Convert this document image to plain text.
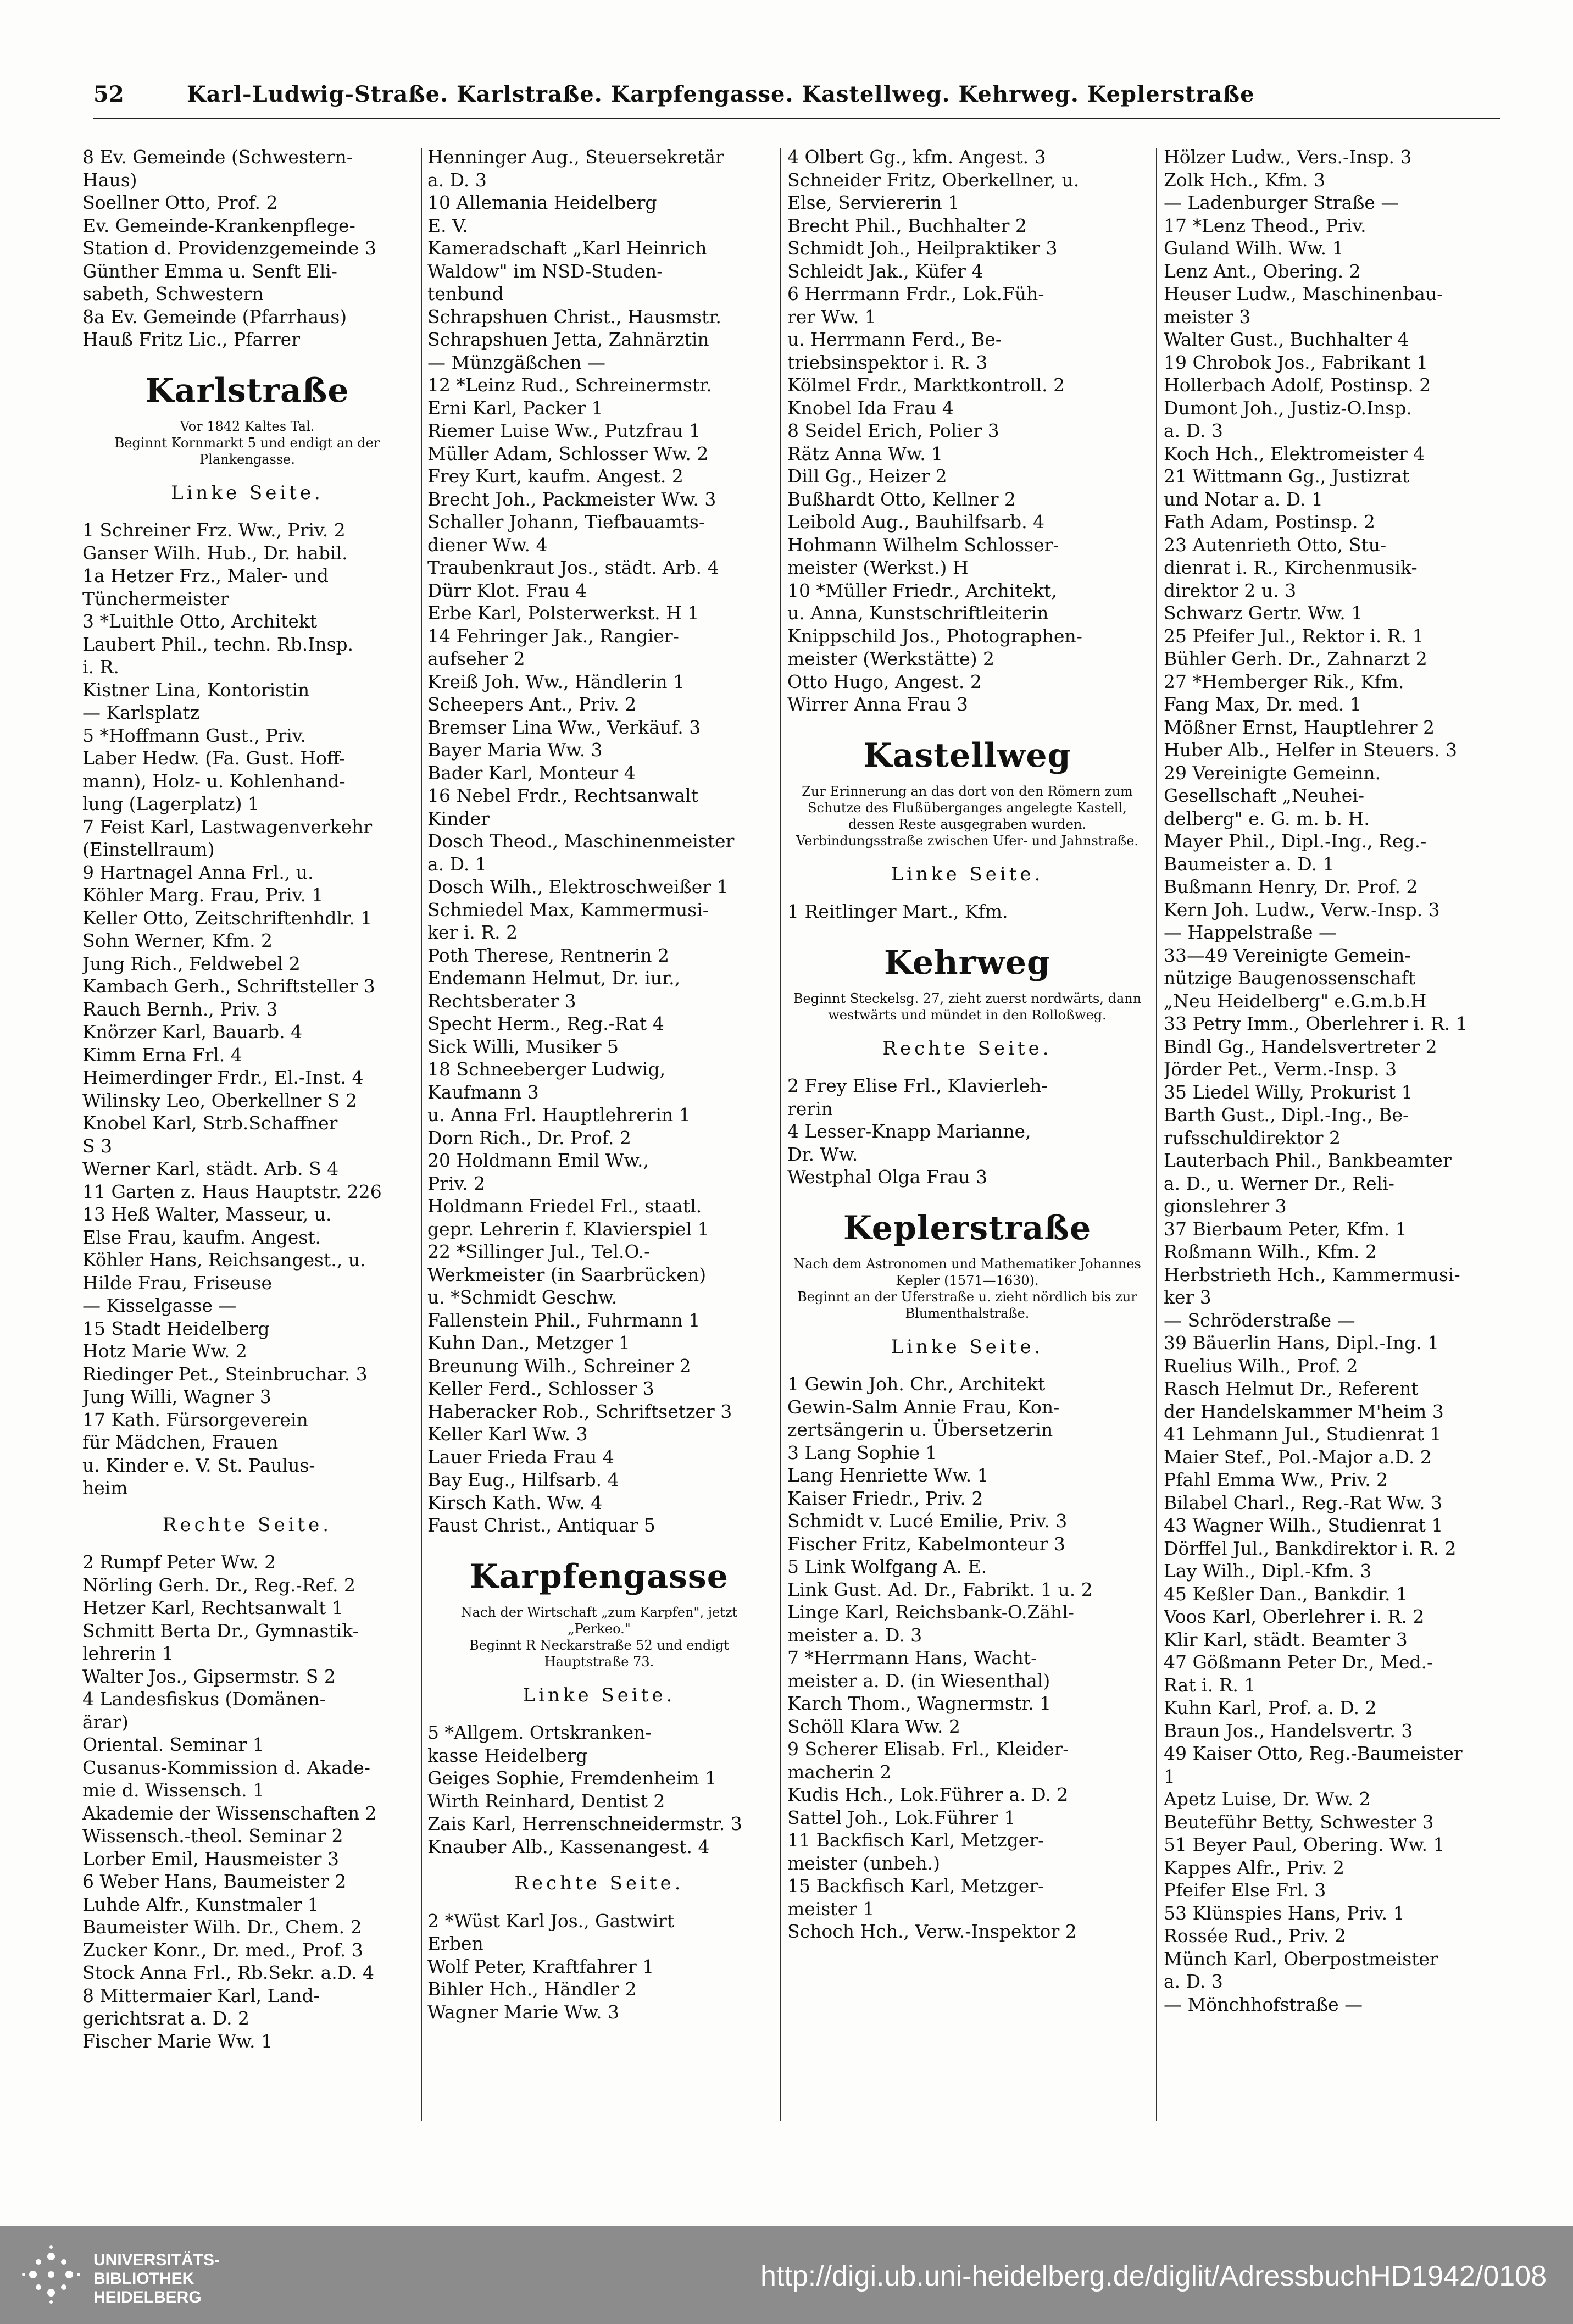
52	Karl-Ludwig-Straße. Karlstraße. Karpfengasse. Kastellweg. Kehrweg. Keplerstraße

8 Ev. Gemeinde (Schwestern-

Haus)

Soellner Otto, Prof. 2

Ev. Gemeinde-Krankenpflege-

Station d. Providenzgemeinde 3

Günther Emma u. Senft Eli-

sabeth, Schwestern

8a Ev. Gemeinde (Pfarrhaus)

Hauß Fritz Lic., Pfarrer

Karlstraße

Vor 1842 Kaltes Tal.

Beginnt Kornmarkt 5 und endigt an der Plankengasse.

Linke Seite.

1 Schreiner Frz. Ww., Priv. 2

Ganser Wilh. Hub., Dr. habil.

1a Hetzer Frz., Maler- und

Tünchermeister

3 *Luithle Otto, Architekt

Laubert Phil., techn. Rb.Insp.

i. R.

Kistner Lina, Kontoristin

— Karlsplatz

5 *Hoffmann Gust., Priv.

Laber Hedw. (Fa. Gust. Hoff-

mann), Holz- u. Kohlenhand-

lung (Lagerplatz) 1

7 Feist Karl, Lastwagenverkehr

(Einstellraum)

9 Hartnagel Anna Frl., u.

Köhler Marg. Frau, Priv. 1

Keller Otto, Zeitschriftenhdlr. 1

Sohn Werner, Kfm. 2

Jung Rich., Feldwebel 2

Kambach Gerh., Schriftsteller 3

Rauch Bernh., Priv. 3

Knörzer Karl, Bauarb. 4

Kimm Erna Frl. 4

Heimerdinger Frdr., El.-Inst. 4

Wilinsky Leo, Oberkellner S 2

Knobel Karl, Strb.Schaffner

S 3

Werner Karl, städt. Arb. S 4

11 Garten z. Haus Hauptstr. 226

13 Heß Walter, Masseur, u.

Else Frau, kaufm. Angest.

Köhler Hans, Reichsangest., u.

Hilde Frau, Friseuse

— Kisselgasse —

15 Stadt Heidelberg

Hotz Marie Ww. 2

Riedinger Pet., Steinbruchar. 3

Jung Willi, Wagner 3

17 Kath. Fürsorgeverein

für Mädchen, Frauen

u. Kinder e. V. St. Paulus-

heim

Rechte Seite.

2 Rumpf Peter Ww. 2

Nörling Gerh. Dr., Reg.-Ref. 2

Hetzer Karl, Rechtsanwalt 1

Schmitt Berta Dr., Gymnastik-

lehrerin 1

Walter Jos., Gipsermstr. S 2

4 Landesfiskus (Domänen-

ärar)

Oriental. Seminar 1

Cusanus-Kommission d. Akade-

mie d. Wissensch. 1

Akademie der Wissenschaften 2

Wissensch.-theol. Seminar 2

Lorber Emil, Hausmeister 3

6 Weber Hans, Baumeister 2

Luhde Alfr., Kunstmaler 1

Baumeister Wilh. Dr., Chem. 2

Zucker Konr., Dr. med., Prof. 3

Stock Anna Frl., Rb.Sekr. a.D. 4

8 Mittermaier Karl, Land-

gerichtsrat a. D. 2

Fischer Marie Ww. 1

Henninger Aug., Steuersekretär

a. D. 3

10 Allemania Heidelberg

E. V.

Kameradschaft „Karl Heinrich

Waldow" im NSD-Studen-

tenbund

Schrapshuen Christ., Hausmstr.

Schrapshuen Jetta, Zahnärztin

— Münzgäßchen —

12 *Leinz Rud., Schreinermstr.

Erni Karl, Packer 1

Riemer Luise Ww., Putzfrau 1

Müller Adam, Schlosser Ww. 2

Frey Kurt, kaufm. Angest. 2

Brecht Joh., Packmeister Ww. 3

Schaller Johann, Tiefbauamts-

diener Ww. 4

Traubenkraut Jos., städt. Arb. 4

Dürr Klot. Frau 4

Erbe Karl, Polsterwerkst. H 1

14 Fehringer Jak., Rangier-

aufseher 2

Kreiß Joh. Ww., Händlerin 1

Scheepers Ant., Priv. 2

Bremser Lina Ww., Verkäuf. 3

Bayer Maria Ww. 3

Bader Karl, Monteur 4

16 Nebel Frdr., Rechtsanwalt

Kinder

Dosch Theod., Maschinenmeister

a. D. 1

Dosch Wilh., Elektroschweißer 1

Schmiedel Max, Kammermusi-

ker i. R. 2

Poth Therese, Rentnerin 2

Endemann Helmut, Dr. iur.,

Rechtsberater 3

Specht Herm., Reg.-Rat 4

Sick Willi, Musiker 5

18 Schneeberger Ludwig,

Kaufmann 3

u. Anna Frl. Hauptlehrerin 1

Dorn Rich., Dr. Prof. 2

20 Holdmann Emil Ww.,

Priv. 2

Holdmann Friedel Frl., staatl.

gepr. Lehrerin f. Klavierspiel 1

22 *Sillinger Jul., Tel.O.-

Werkmeister (in Saarbrücken)

u. *Schmidt Geschw.

Fallenstein Phil., Fuhrmann 1

Kuhn Dan., Metzger 1

Breunung Wilh., Schreiner 2

Keller Ferd., Schlosser 3

Haberacker Rob., Schriftsetzer 3

Keller Karl Ww. 3

Lauer Frieda Frau 4

Bay Eug., Hilfsarb. 4

Kirsch Kath. Ww. 4

Faust Christ., Antiquar 5

Karpfengasse

Nach der Wirtschaft „zum Karpfen", jetzt „Perkeo."

Beginnt R Neckarstraße 52 und endigt Hauptstraße 73.

Linke Seite.

5 *Allgem. Ortskranken-

kasse Heidelberg

Geiges Sophie, Fremdenheim 1

Wirth Reinhard, Dentist 2

Zais Karl, Herrenschneidermstr. 3

Knauber Alb., Kassenangest. 4

Rechte Seite.

2 *Wüst Karl Jos., Gastwirt

Erben

Wolf Peter, Kraftfahrer 1

Bihler Hch., Händler 2

Wagner Marie Ww. 3

4 Olbert Gg., kfm. Angest. 3

Schneider Fritz, Oberkellner, u.

Else, Serviererin 1

Brecht Phil., Buchhalter 2

Schmidt Joh., Heilpraktiker 3

Schleidt Jak., Küfer 4

6 Herrmann Frdr., Lok.Füh-

rer Ww. 1

u. Herrmann Ferd., Be-

triebsinspektor i. R. 3

Kölmel Frdr., Marktkontroll. 2

Knobel Ida Frau 4

8 Seidel Erich, Polier 3

Rätz Anna Ww. 1

Dill Gg., Heizer 2

Bußhardt Otto, Kellner 2

Leibold Aug., Bauhilfsarb. 4

Hohmann Wilhelm Schlosser-

meister (Werkst.) H

10 *Müller Friedr., Architekt,

u. Anna, Kunstschriftleiterin

Knippschild Jos., Photographen-

meister (Werkstätte) 2

Otto Hugo, Angest. 2

Wirrer Anna Frau 3

Kastellweg

Zur Erinnerung an das dort von den Römern zum Schutze des Flußüberganges angelegte Kastell, dessen Reste ausgegraben wurden.

Verbindungsstraße zwischen Ufer- und Jahnstraße.

Linke Seite.

1 Reitlinger Mart., Kfm.

Kehrweg

Beginnt Steckelsg. 27, zieht zuerst nordwärts, dann westwärts und mündet in den Rolloßweg.

Rechte Seite.

2 Frey Elise Frl., Klavierleh-

rerin

4 Lesser-Knapp Marianne,

Dr. Ww.

Westphal Olga Frau 3

Keplerstraße

Nach dem Astronomen und Mathematiker Johannes Kepler (1571—1630).

Beginnt an der Uferstraße u. zieht nördlich bis zur Blumenthalstraße.

Linke Seite.

1 Gewin Joh. Chr., Architekt

Gewin-Salm Annie Frau, Kon-

zertsängerin u. Übersetzerin

3 Lang Sophie 1

Lang Henriette Ww. 1

Kaiser Friedr., Priv. 2

Schmidt v. Lucé Emilie, Priv. 3

Fischer Fritz, Kabelmonteur 3

5 Link Wolfgang A. E.

Link Gust. Ad. Dr., Fabrikt. 1 u. 2

Linge Karl, Reichsbank-O.Zähl-

meister a. D. 3

7 *Herrmann Hans, Wacht-

meister a. D. (in Wiesenthal)

Karch Thom., Wagnermstr. 1

Schöll Klara Ww. 2

9 Scherer Elisab. Frl., Kleider-

macherin 2

Kudis Hch., Lok.Führer a. D. 2

Sattel Joh., Lok.Führer 1

11 Backfisch Karl, Metzger-

meister (unbeh.)

15 Backfisch Karl, Metzger-

meister 1

Schoch Hch., Verw.-Inspektor 2

Hölzer Ludw., Vers.-Insp. 3

Zolk Hch., Kfm. 3

— Ladenburger Straße —

17 *Lenz Theod., Priv.

Guland Wilh. Ww. 1

Lenz Ant., Obering. 2

Heuser Ludw., Maschinenbau-

meister 3

Walter Gust., Buchhalter 4

19 Chrobok Jos., Fabrikant 1

Hollerbach Adolf, Postinsp. 2

Dumont Joh., Justiz-O.Insp.

a. D. 3

Koch Hch., Elektromeister 4

21 Wittmann Gg., Justizrat

und Notar a. D. 1

Fath Adam, Postinsp. 2

23 Autenrieth Otto, Stu-

dienrat i. R., Kirchenmusik-

direktor 2 u. 3

Schwarz Gertr. Ww. 1

25 Pfeifer Jul., Rektor i. R. 1

Bühler Gerh. Dr., Zahnarzt 2

27 *Hemberger Rik., Kfm.

Fang Max, Dr. med. 1

Mößner Ernst, Hauptlehrer 2

Huber Alb., Helfer in Steuers. 3

29 Vereinigte Gemeinn.

Gesellschaft „Neuhei-

delberg" e. G. m. b. H.

Mayer Phil., Dipl.-Ing., Reg.-

Baumeister a. D. 1

Bußmann Henry, Dr. Prof. 2

Kern Joh. Ludw., Verw.-Insp. 3

— Happelstraße —

33—49 Vereinigte Gemein-

nützige Baugenossenschaft

„Neu Heidelberg" e.G.m.b.H

33 Petry Imm., Oberlehrer i. R. 1

Bindl Gg., Handelsvertreter 2

Jörder Pet., Verm.-Insp. 3

35 Liedel Willy, Prokurist 1

Barth Gust., Dipl.-Ing., Be-

rufsschuldirektor 2

Lauterbach Phil., Bankbeamter

a. D., u. Werner Dr., Reli-

gionslehrer 3

37 Bierbaum Peter, Kfm. 1

Roßmann Wilh., Kfm. 2

Herbstrieth Hch., Kammermusi-

ker 3

— Schröderstraße —

39 Bäuerlin Hans, Dipl.-Ing. 1

Ruelius Wilh., Prof. 2

Rasch Helmut Dr., Referent

der Handelskammer M'heim 3

41 Lehmann Jul., Studienrat 1

Maier Stef., Pol.-Major a.D. 2

Pfahl Emma Ww., Priv. 2

Bilabel Charl., Reg.-Rat Ww. 3

43 Wagner Wilh., Studienrat 1

Dörffel Jul., Bankdirektor i. R. 2

Lay Wilh., Dipl.-Kfm. 3

45 Keßler Dan., Bankdir. 1

Voos Karl, Oberlehrer i. R. 2

Klir Karl, städt. Beamter 3

47 Gößmann Peter Dr., Med.-

Rat i. R. 1

Kuhn Karl, Prof. a. D. 2

Braun Jos., Handelsvertr. 3

49 Kaiser Otto, Reg.-Baumeister

1

Apetz Luise, Dr. Ww. 2

Beuteführ Betty, Schwester 3

51 Beyer Paul, Obering. Ww. 1

Kappes Alfr., Priv. 2

Pfeifer Else Frl. 3

53 Klünspies Hans, Priv. 1

Rossée Rud., Priv. 2

Münch Karl, Oberpostmeister

a. D. 3

— Mönchhofstraße —

UNIVERSITÄTS-
BIBLIOTHEK
HEIDELBERG
http://digi.ub.uni-heidelberg.de/diglit/AdressbuchHD1942/0108
